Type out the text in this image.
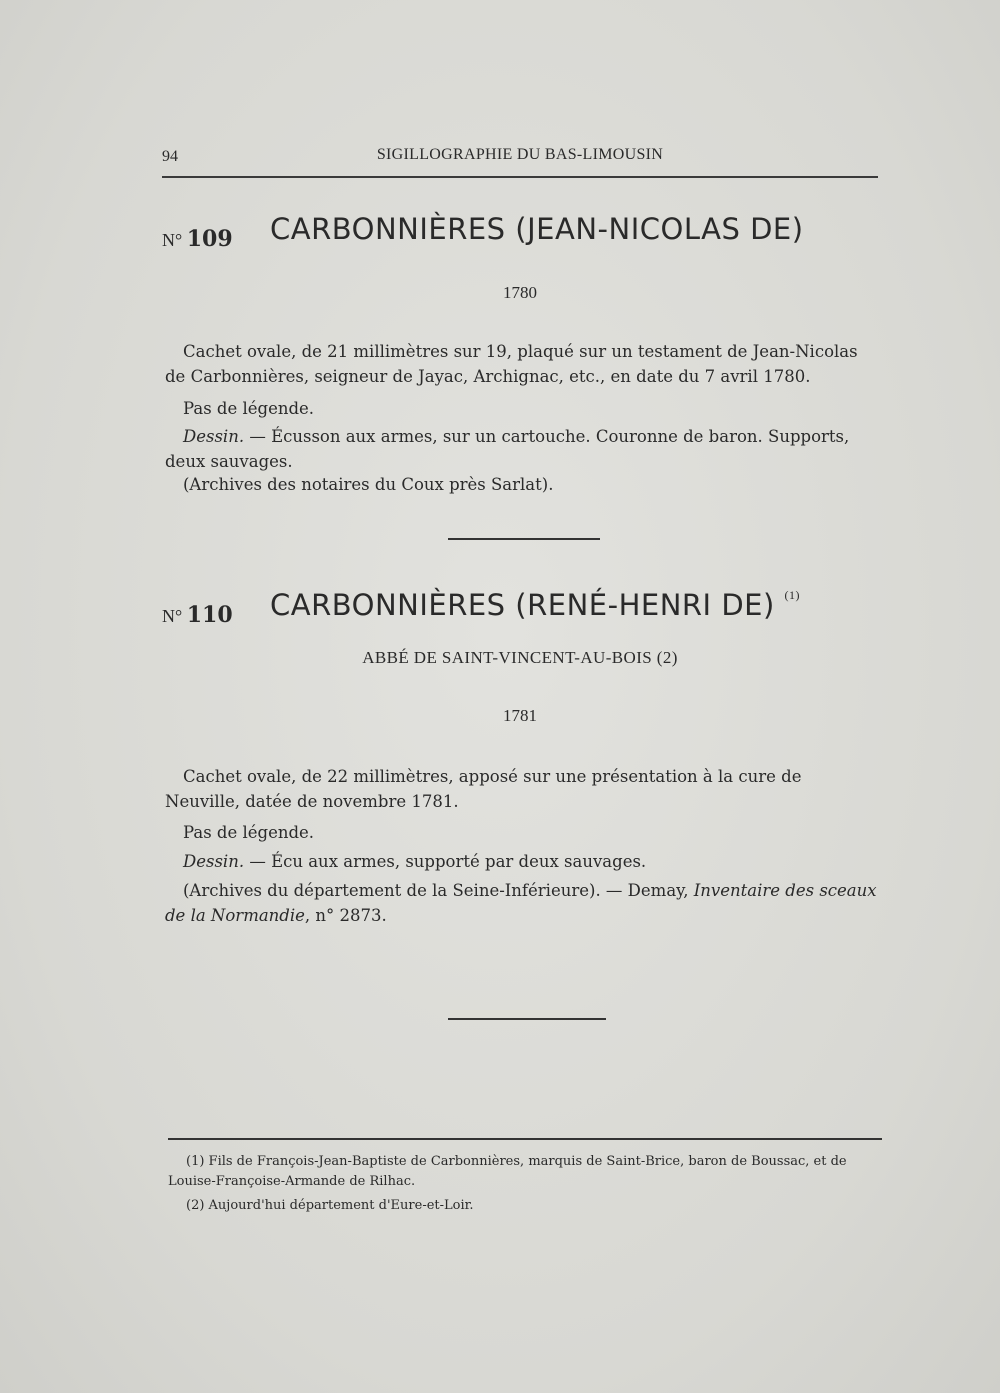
94	SIGILLOGRAPHIE DU BAS-LIMOUSIN
N° 109 CARBONNIÈRES (JEAN-NICOLAS DE)
1780
Cachet ovale, de 21 millimètres sur 19, plaqué sur un testament de Jean-Nicolas de Carbonnières, seigneur de Jayac, Archignac, etc., en date du 7 avril 1780.
Pas de légende.
Dessin. — Écusson aux armes, sur un cartouche. Couronne de baron. Supports, deux sauvages.
(Archives des notaires du Coux près Sarlat).
N° 110 CARBONNIÈRES (RENÉ-HENRI DE) $^{(1)}$
ABBÉ DE SAINT-VINCENT-AU-BOIS (2)
1781
Cachet ovale, de 22 millimètres, apposé sur une présentation à la cure de Neuville, datée de novembre 1781.
Pas de légende.
Dessin. — Écu aux armes, supporté par deux sauvages.
(Archives du département de la Seine-Inférieure). — Demay, Inventaire des sceaux de la Normandie, n° 2873.
(1) Fils de François-Jean-Baptiste de Carbonnières, marquis de Saint-Brice, baron de Boussac, et de Louise-Françoise-Armande de Rilhac.
(2) Aujourd'hui département d'Eure-et-Loir.
